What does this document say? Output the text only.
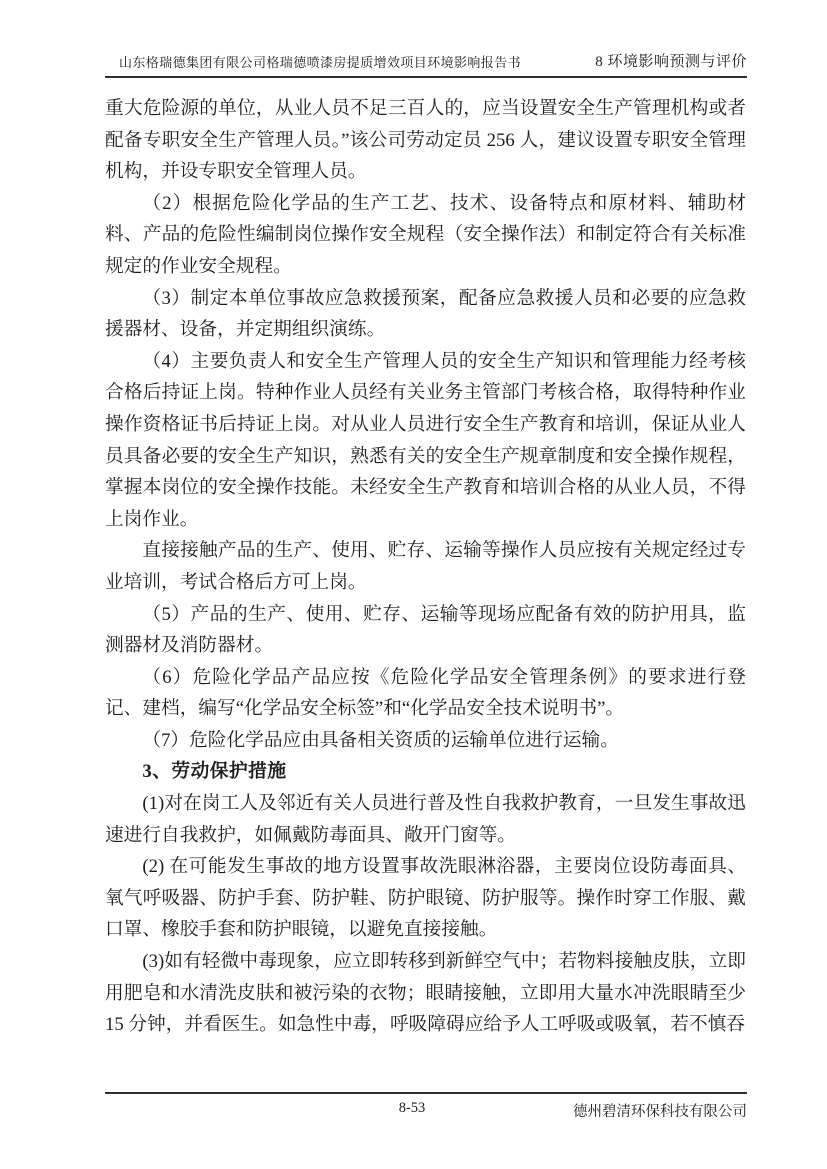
山东格瑞德集团有限公司格瑞德喷漆房提质增效项目环境影响报告书	8 环境影响预测与评价

重大危险源的单位，从业人员不足三百人的，应当设置安全生产管理机构或者配备专职安全生产管理人员。”该公司劳动定员 256 人，建议设置专职安全管理机构，并设专职安全管理人员。

（2）根据危险化学品的生产工艺、技术、设备特点和原材料、辅助材料、产品的危险性编制岗位操作安全规程（安全操作法）和制定符合有关标准规定的作业安全规程。

（3）制定本单位事故应急救援预案，配备应急救援人员和必要的应急救援器材、设备，并定期组织演练。

（4）主要负责人和安全生产管理人员的安全生产知识和管理能力经考核合格后持证上岗。特种作业人员经有关业务主管部门考核合格，取得特种作业操作资格证书后持证上岗。对从业人员进行安全生产教育和培训，保证从业人员具备必要的安全生产知识，熟悉有关的安全生产规章制度和安全操作规程，掌握本岗位的安全操作技能。未经安全生产教育和培训合格的从业人员，不得上岗作业。

直接接触产品的生产、使用、贮存、运输等操作人员应按有关规定经过专业培训，考试合格后方可上岗。

（5）产品的生产、使用、贮存、运输等现场应配备有效的防护用具，监测器材及消防器材。

（6）危险化学品产品应按《危险化学品安全管理条例》的要求进行登记、建档，编写“化学品安全标签”和“化学品安全技术说明书”。

（7）危险化学品应由具备相关资质的运输单位进行运输。

3、劳动保护措施

(1)对在岗工人及邻近有关人员进行普及性自我救护教育，一旦发生事故迅速进行自我救护，如佩戴防毒面具、敞开门窗等。

(2) 在可能发生事故的地方设置事故洗眼淋浴器，主要岗位设防毒面具、氧气呼吸器、防护手套、防护鞋、防护眼镜、防护服等。操作时穿工作服、戴口罩、橡胶手套和防护眼镜，以避免直接接触。

(3)如有轻微中毒现象，应立即转移到新鲜空气中；若物料接触皮肤，立即用肥皂和水清洗皮肤和被污染的衣物；眼睛接触，立即用大量水冲洗眼睛至少 15 分钟，并看医生。如急性中毒，呼吸障碍应给予人工呼吸或吸氧，若不慎吞

8-53	德州碧清环保科技有限公司
